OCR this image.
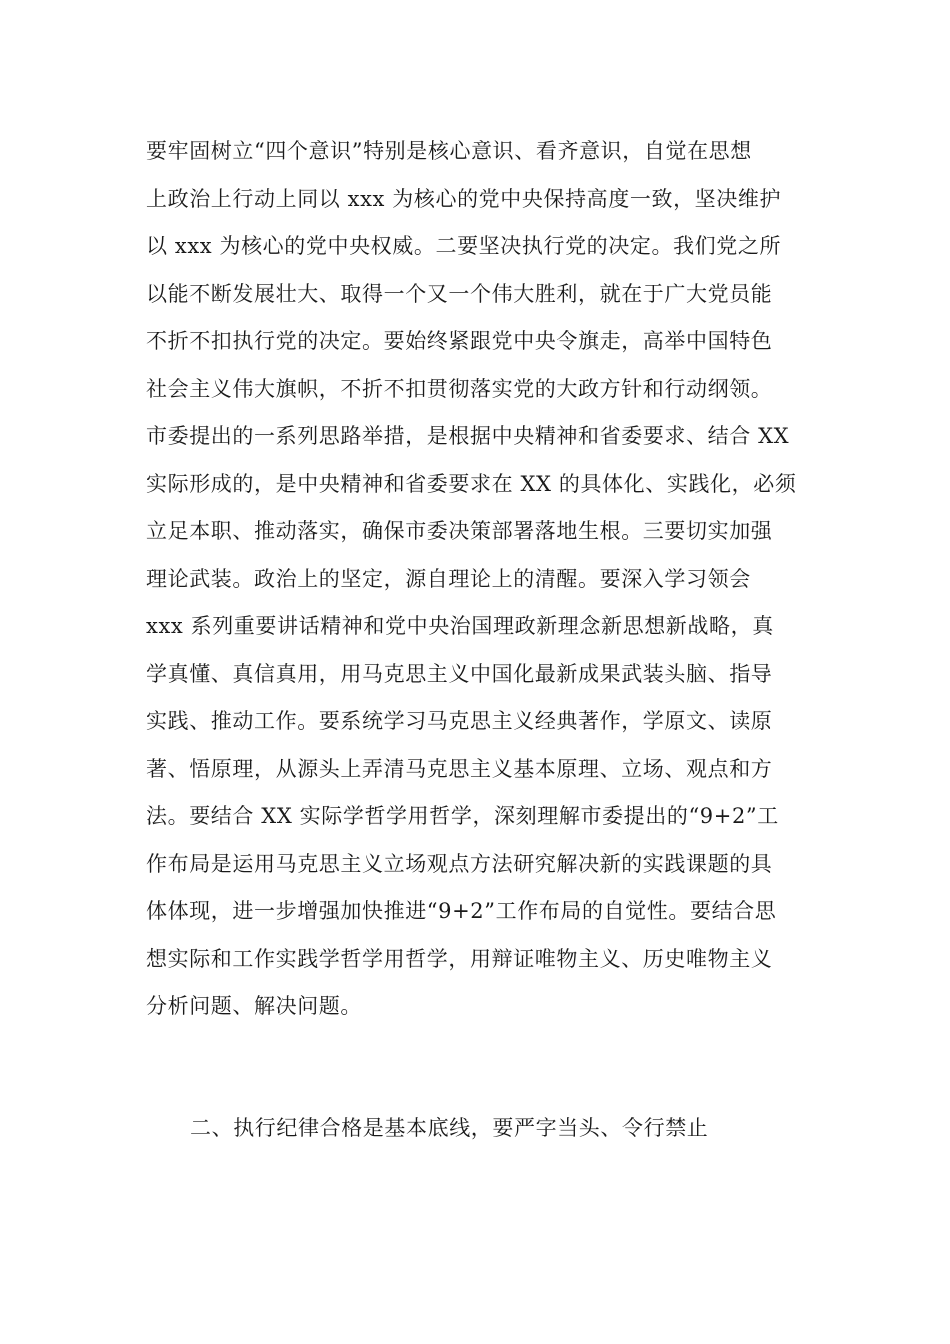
要牢固树立“四个意识”特别是核心意识、看齐意识，自觉在思想
上政治上行动上同以 xxx 为核心的党中央保持高度一致，坚决维护
以 xxx 为核心的党中央权威。二要坚决执行党的决定。我们党之所
以能不断发展壮大、取得一个又一个伟大胜利，就在于广大党员能
不折不扣执行党的决定。要始终紧跟党中央令旗走，高举中国特色
社会主义伟大旗帜，不折不扣贯彻落实党的大政方针和行动纲领。
市委提出的一系列思路举措，是根据中央精神和省委要求、结合 XX
实际形成的，是中央精神和省委要求在 XX 的具体化、实践化，必须
立足本职、推动落实，确保市委决策部署落地生根。三要切实加强
理论武装。政治上的坚定，源自理论上的清醒。要深入学习领会
xxx 系列重要讲话精神和党中央治国理政新理念新思想新战略，真
学真懂、真信真用，用马克思主义中国化最新成果武装头脑、指导
实践、推动工作。要系统学习马克思主义经典著作，学原文、读原
著、悟原理，从源头上弄清马克思主义基本原理、立场、观点和方
法。要结合 XX 实际学哲学用哲学，深刻理解市委提出的“9+2”工
作布局是运用马克思主义立场观点方法研究解决新的实践课题的具
体体现，进一步增强加快推进“9+2”工作布局的自觉性。要结合思
想实际和工作实践学哲学用哲学，用辩证唯物主义、历史唯物主义
分析问题、解决问题。
二、执行纪律合格是基本底线，要严字当头、令行禁止
